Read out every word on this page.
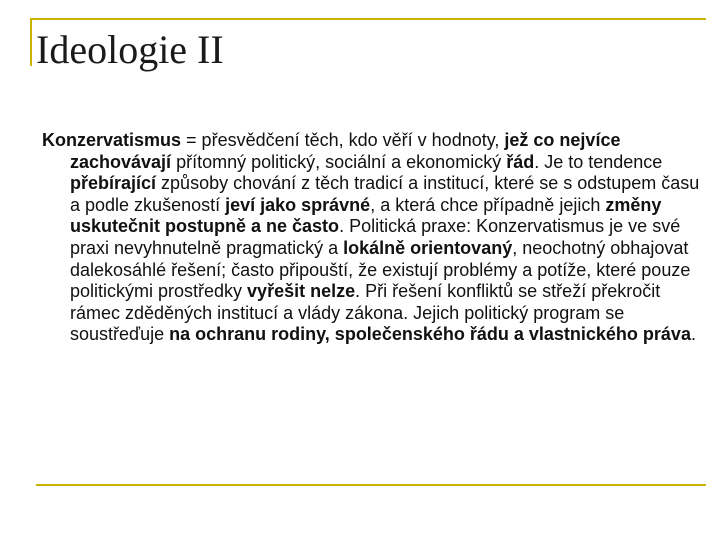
Ideologie II

Konzervatismus = přesvědčení těch, kdo věří v hodnoty, jež co nejvíce zachovávají přítomný politický, sociální a ekonomický řád. Je to tendence přebírající způsoby chování z těch tradicí a institucí, které se s odstupem času a podle zkušeností jeví jako správné, a která chce případně jejich změny uskutečnit postupně a ne často. Politická praxe: Konzervatismus je ve své praxi nevyhnutelně pragmatický a lokálně orientovaný, neochotný obhajovat dalekosáhlé řešení; často připouští, že existují problémy a potíže, které pouze politickými prostředky vyřešit nelze. Při řešení konfliktů se střeží překročit rámec zděděných institucí a vlády zákona. Jejich politický program se soustřeďuje na ochranu rodiny, společenského řádu a vlastnického práva.
